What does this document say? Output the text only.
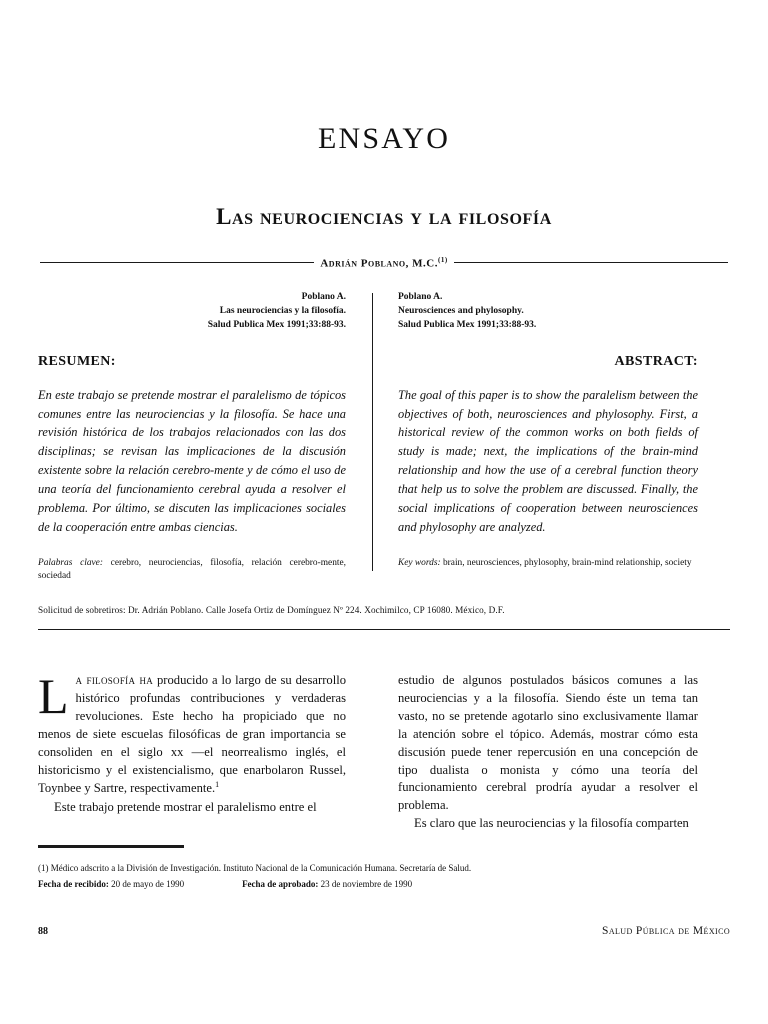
ENSAYO
Las neurociencias y la filosofía
Adrián Poblano, M.C.$^{(1)}$
Poblano A.
Las neurociencias y la filosofía.
Salud Publica Mex 1991;33:88-93.
RESUMEN:
En este trabajo se pretende mostrar el paralelismo de tópicos comunes entre las neurociencias y la filosofía. Se hace una revisión histórica de los trabajos relacionados con las dos disciplinas; se revisan las implicaciones de la discusión existente sobre la relación cerebro-mente y de cómo el uso de una teoría del funcionamiento cerebral ayuda a resolver el problema. Por último, se discuten las implicaciones sociales de la cooperación entre ambas ciencias.
Palabras clave: cerebro, neurociencias, filosofía, relación cerebro-mente, sociedad
Poblano A.
Neurosciences and phylosophy.
Salud Publica Mex 1991;33:88-93.
ABSTRACT:
The goal of this paper is to show the paralelism between the objectives of both, neurosciences and phylosophy. First, a historical review of the common works on both fields of study is made; next, the implications of the brain-mind relationship and how the use of a cerebral function theory that help us to solve the problem are discussed. Finally, the social implications of cooperation between neurosciences and phylosophy are analyzed.
Key words: brain, neurosciences, phylosophy, brain-mind relationship, society
Solicitud de sobretiros: Dr. Adrián Poblano. Calle Josefa Ortiz de Domínguez Nº 224. Xochimilco, CP 16080. México, D.F.

La filosofía ha producido a lo largo de su desarrollo histórico profundas contribuciones y verdaderas revoluciones. Este hecho ha propiciado que no menos de siete escuelas filosóficas de gran importancia se consoliden en el siglo xx —el neorrealismo inglés, el historicismo y el existencialismo, que enarbolaron Russel, Toynbee y Sartre, respectivamente.$^1$

Este trabajo pretende mostrar el paralelismo entre el

estudio de algunos postulados básicos comunes a las neurociencias y a la filosofía. Siendo éste un tema tan vasto, no se pretende agotarlo sino exclusivamente llamar la atención sobre el tópico. Además, mostrar cómo esta discusión puede tener repercusión en una concepción de tipo dualista o monista y cómo una teoría del funcionamiento cerebral prodría ayudar a resolver el problema.

Es claro que las neurociencias y la filosofía comparten

(1) Médico adscrito a la División de Investigación. Instituto Nacional de la Comunicación Humana. Secretaría de Salud.
Fecha de recibido: 20 de mayo de 1990	Fecha de aprobado: 23 de noviembre de 1990
88	Salud Pública de México
